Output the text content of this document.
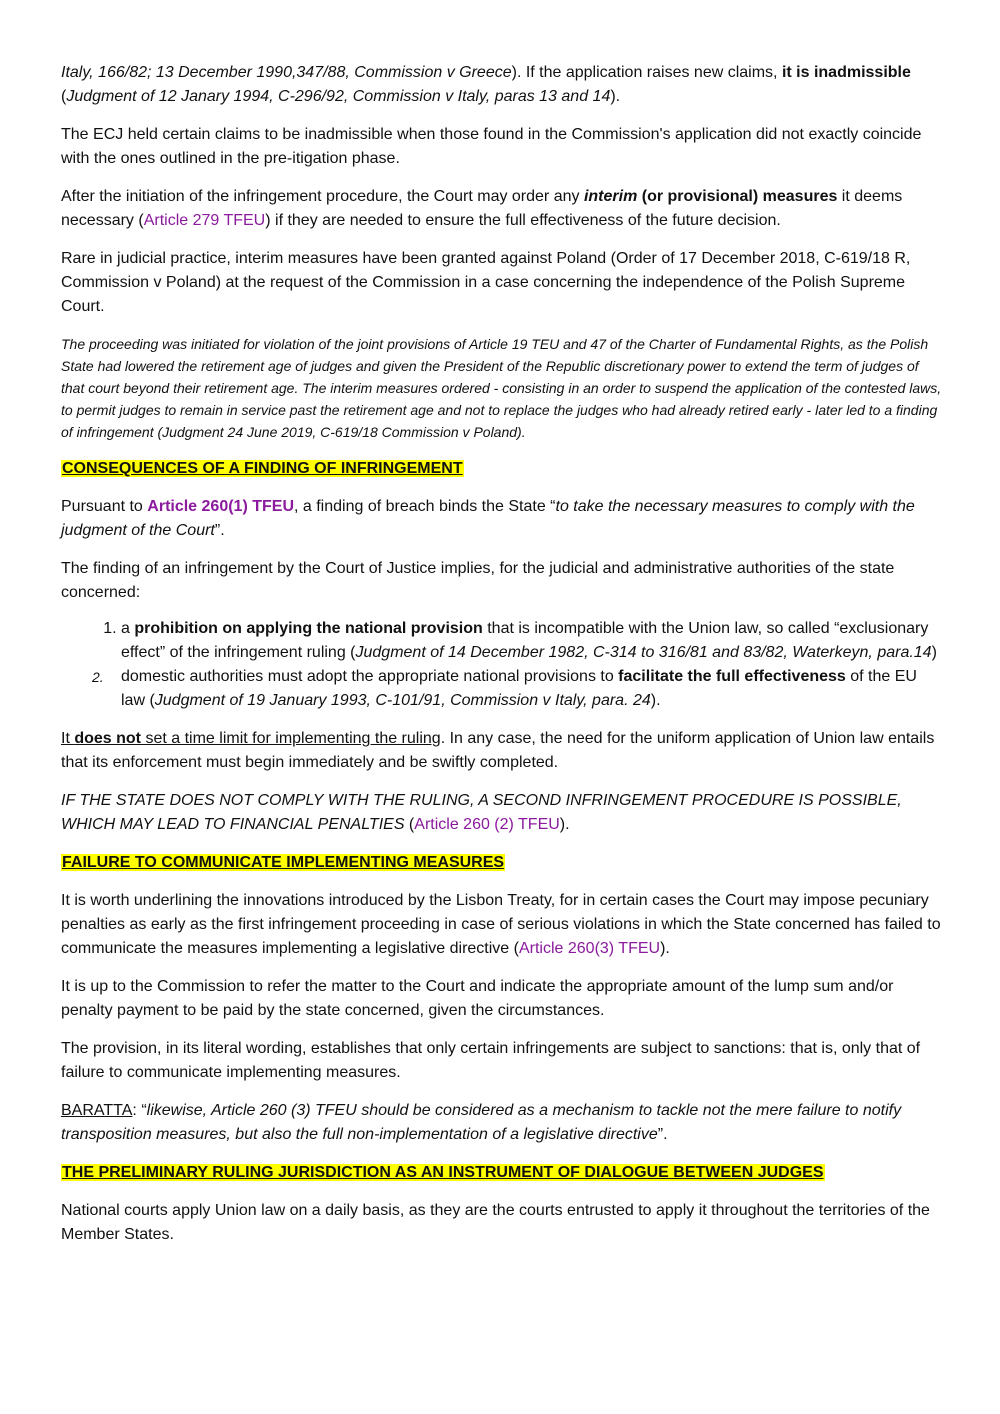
Italy, 166/82; 13 December 1990,347/88, Commission v Greece). If the application raises new claims, it is inadmissible (Judgment of 12 Janary 1994, C-296/92, Commission v Italy, paras 13 and 14).

The ECJ held certain claims to be inadmissible when those found in the Commission's application did not exactly coincide with the ones outlined in the pre-itigation phase.

After the initiation of the infringement procedure, the Court may order any interim (or provisional) measures it deems necessary (Article 279 TFEU) if they are needed to ensure the full effectiveness of the future decision.

Rare in judicial practice, interim measures have been granted against Poland (Order of 17 December 2018, C-619/18 R, Commission v Poland) at the request of the Commission in a case concerning the independence of the Polish Supreme Court.

The proceeding was initiated for violation of the joint provisions of Article 19 TEU and 47 of the Charter of Fundamental Rights, as the Polish State had lowered the retirement age of judges and given the President of the Republic discretionary power to extend the term of judges of that court beyond their retirement age. The interim measures ordered - consisting in an order to suspend the application of the contested laws, to permit judges to remain in service past the retirement age and not to replace the judges who had already retired early - later led to a finding of infringement (Judgment 24 June 2019, C-619/18 Commission v Poland).

CONSEQUENCES OF A FINDING OF INFRINGEMENT

Pursuant to Article 260(1) TFEU, a finding of breach binds the State “to take the necessary measures to comply with the judgment of the Court”.

The finding of an infringement by the Court of Justice implies, for the judicial and administrative authorities of the state concerned:

1. a prohibition on applying the national provision that is incompatible with the Union law, so called “exclusionary effect” of the infringement ruling (Judgment of 14 December 1982, C-314 to 316/81 and 83/82, Waterkeyn, para.14)
2. domestic authorities must adopt the appropriate national provisions to facilitate the full effectiveness of the EU law (Judgment of 19 January 1993, C-101/91, Commission v Italy, para. 24).

It does not set a time limit for implementing the ruling. In any case, the need for the uniform application of Union law entails that its enforcement must begin immediately and be swiftly completed.

IF THE STATE DOES NOT COMPLY WITH THE RULING, A SECOND INFRINGEMENT PROCEDURE IS POSSIBLE, WHICH MAY LEAD TO FINANCIAL PENALTIES (Article 260 (2) TFEU).

FAILURE TO COMMUNICATE IMPLEMENTING MEASURES

It is worth underlining the innovations introduced by the Lisbon Treaty, for in certain cases the Court may impose pecuniary penalties as early as the first infringement proceeding in case of serious violations in which the State concerned has failed to communicate the measures implementing a legislative directive (Article 260(3) TFEU).

It is up to the Commission to refer the matter to the Court and indicate the appropriate amount of the lump sum and/or penalty payment to be paid by the state concerned, given the circumstances.

The provision, in its literal wording, establishes that only certain infringements are subject to sanctions: that is, only that of failure to communicate implementing measures.

BARATTA: “likewise, Article 260 (3) TFEU should be considered as a mechanism to tackle not the mere failure to notify transposition measures, but also the full non-implementation of a legislative directive”.

THE PRELIMINARY RULING JURISDICTION AS AN INSTRUMENT OF DIALOGUE BETWEEN JUDGES

National courts apply Union law on a daily basis, as they are the courts entrusted to apply it throughout the territories of the Member States.
